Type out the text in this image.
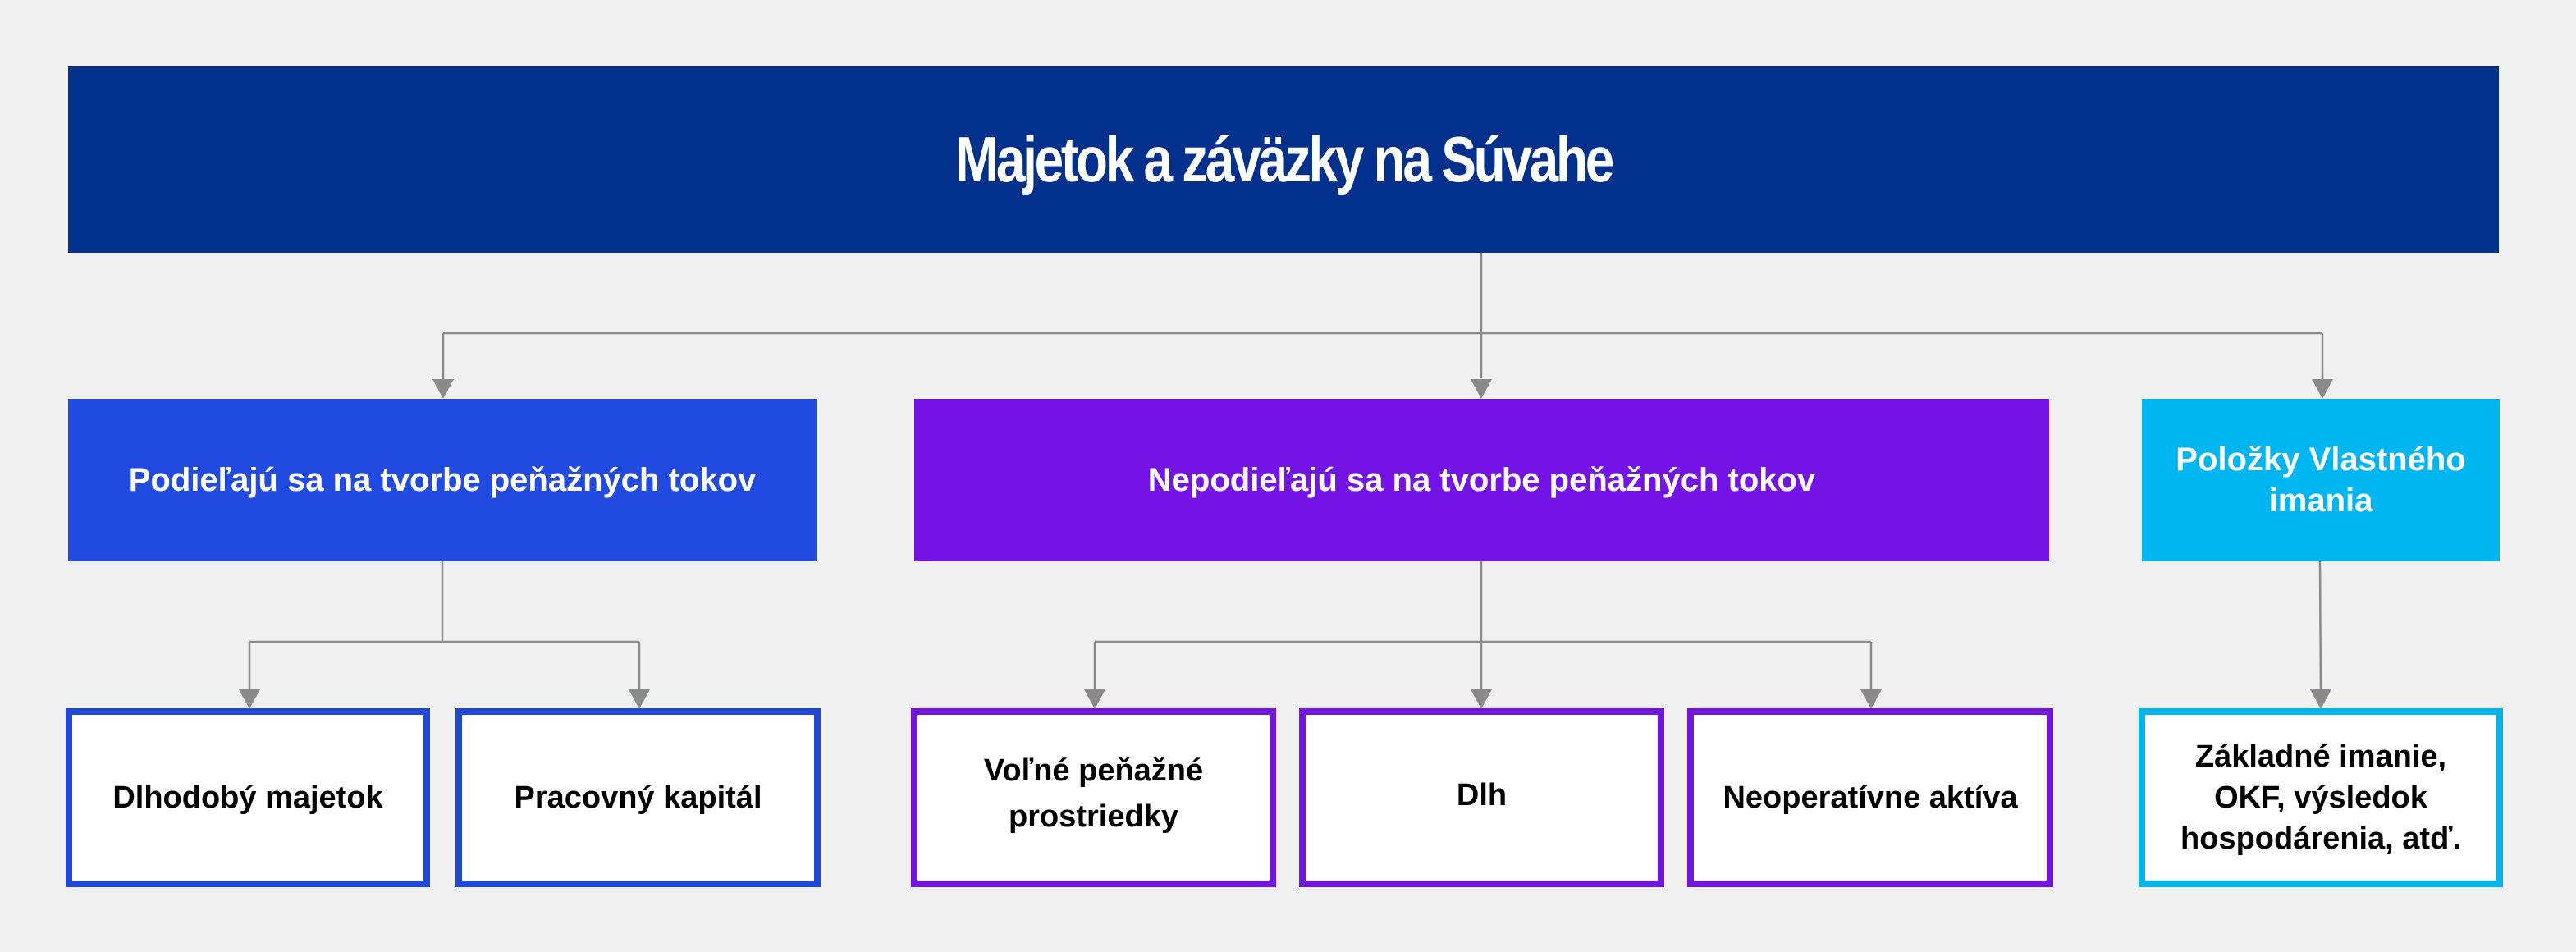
Majetok a záväzky na Súvahe
Podieľajú sa na tvorbe peňažných tokov	Nepodieľajú sa na tvorbe peňažných tokov
Položky Vlastného imania
Dlhodobý majetok	Pracovný kapitál
Voľné peňažné prostriedky
Dlh	Neoperatívne aktíva
Základné imanie, OKF, výsledok hospodárenia, atď.
